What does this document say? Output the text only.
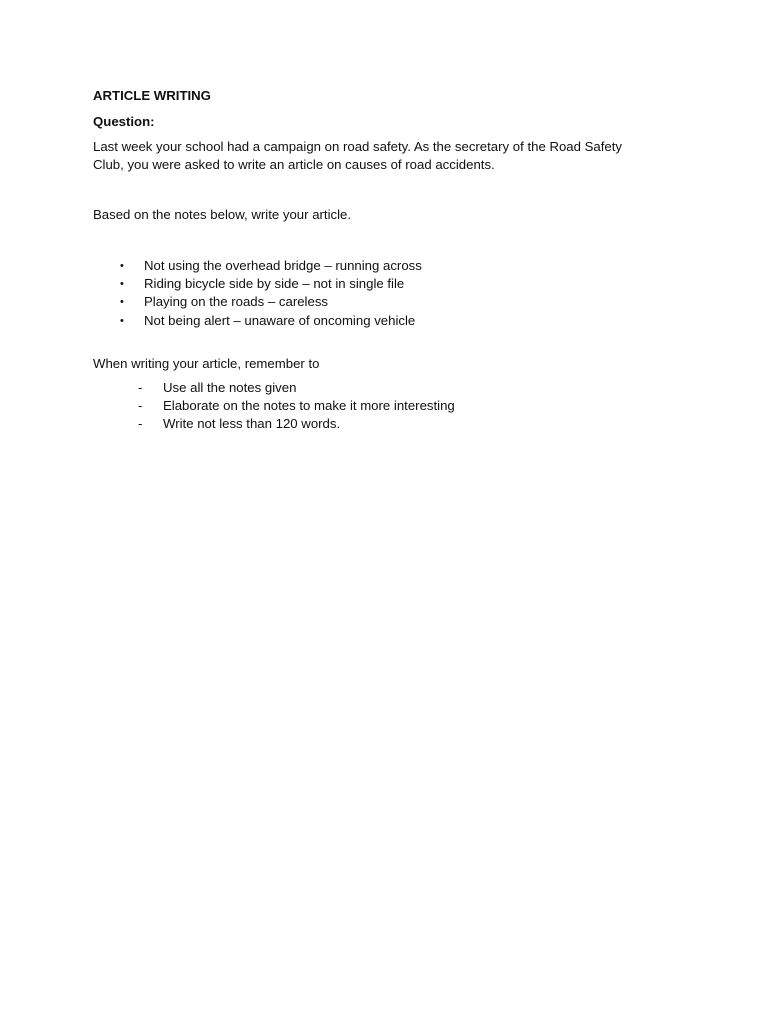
ARTICLE WRITING
Question:
Last week your school had a campaign on road safety. As the secretary of the Road Safety
Club, you were asked to write an article on causes of road accidents.
Based on the notes below, write your article.
• Not using the overhead bridge – running across
• Riding bicycle side by side – not in single file
• Playing on the roads – careless
• Not being alert – unaware of oncoming vehicle
When writing your article, remember to
- Use all the notes given
- Elaborate on the notes to make it more interesting
- Write not less than 120 words.
